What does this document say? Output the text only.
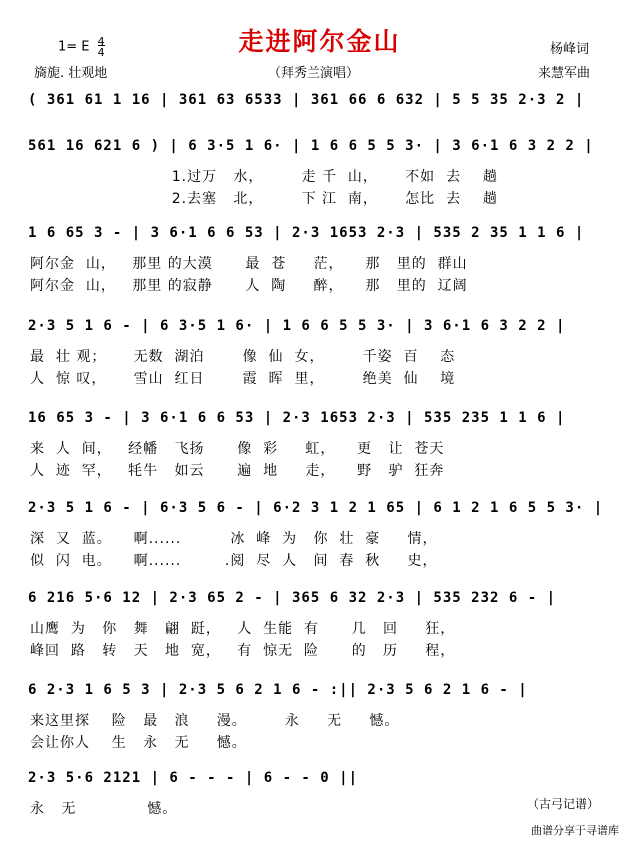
1= E $\frac{4}{4}$	走进阿尔金山	杨峰词
旖旎. 壮观地	（拜秀兰演唱）	来慧军曲
( 361 61 1 16 | 361 63 6533 | 361 66 6 632 | 5 5 35 2·3 2 |
561 16 621 6 ) | 6 3·5 1 6· | 1 6 6 5 5 3· | 3 6·1 6 3 2 2 |
1.过万   水，       走 千  山，     不如  去    趟
2.去塞   北，       下 江  南，     怎比  去    趟
1 6 65 3 - | 3 6·1 6 6 53 | 2·3 1653 2·3 | 535 2 35 1 1 6 |
阿尔金  山，   那里 的大漠      最  苍     茫，    那   里的  群山
阿尔金  山，   那里 的寂静      人  陶     醉，    那   里的  辽阔
2·3 5 1 6 - | 6 3·5 1 6· | 1 6 6 5 5 3· | 3 6·1 6 3 2 2 |
最  壮 观；     无数  湖泊       像  仙  女，       千姿  百    态
人  惊 叹，     雪山  红日       霞  晖  里，       绝美  仙    境
16 65 3 - | 3 6·1 6 6 53 | 2·3 1653 2·3 | 535 235 1 1 6 |
来  人  间，   经幡   飞扬      像  彩     虹，    更   让  苍天
人  迹  罕，   牦牛   如云      遍  地     走，    野   驴  狂奔
2·3 5 1 6 - | 6·3 5 6 - | 6·2 3 1 2 1 65 | 6 1 2 1 6 5 5 3· |
深  又  蓝。    啊......         冰  峰  为   你  壮  豪     情，
似  闪  电。    啊......        .阅  尽  人   间  春  秋     史，
6 216 5·6 12 | 2·3 65 2 - | 365 6 32 2·3 | 535 232 6 - |
山鹰  为   你   舞   翩  跹，   人  生能  有      几   回     狂，
峰回  路   转   天   地  宽，   有  惊无  险      的   历     程，
6 2·3 1 6 5 3 | 2·3 5 6 2 1 6 - :|| 2·3 5 6 2 1 6 - |
来这里探    险   最   浪     漫。       永     无     憾。
会让你人    生   永   无     憾。
2·3 5·6 2121 | 6 - - - | 6 - - 0 ||
永   无             憾。	（古弓记谱）
曲谱分享于寻谱库
